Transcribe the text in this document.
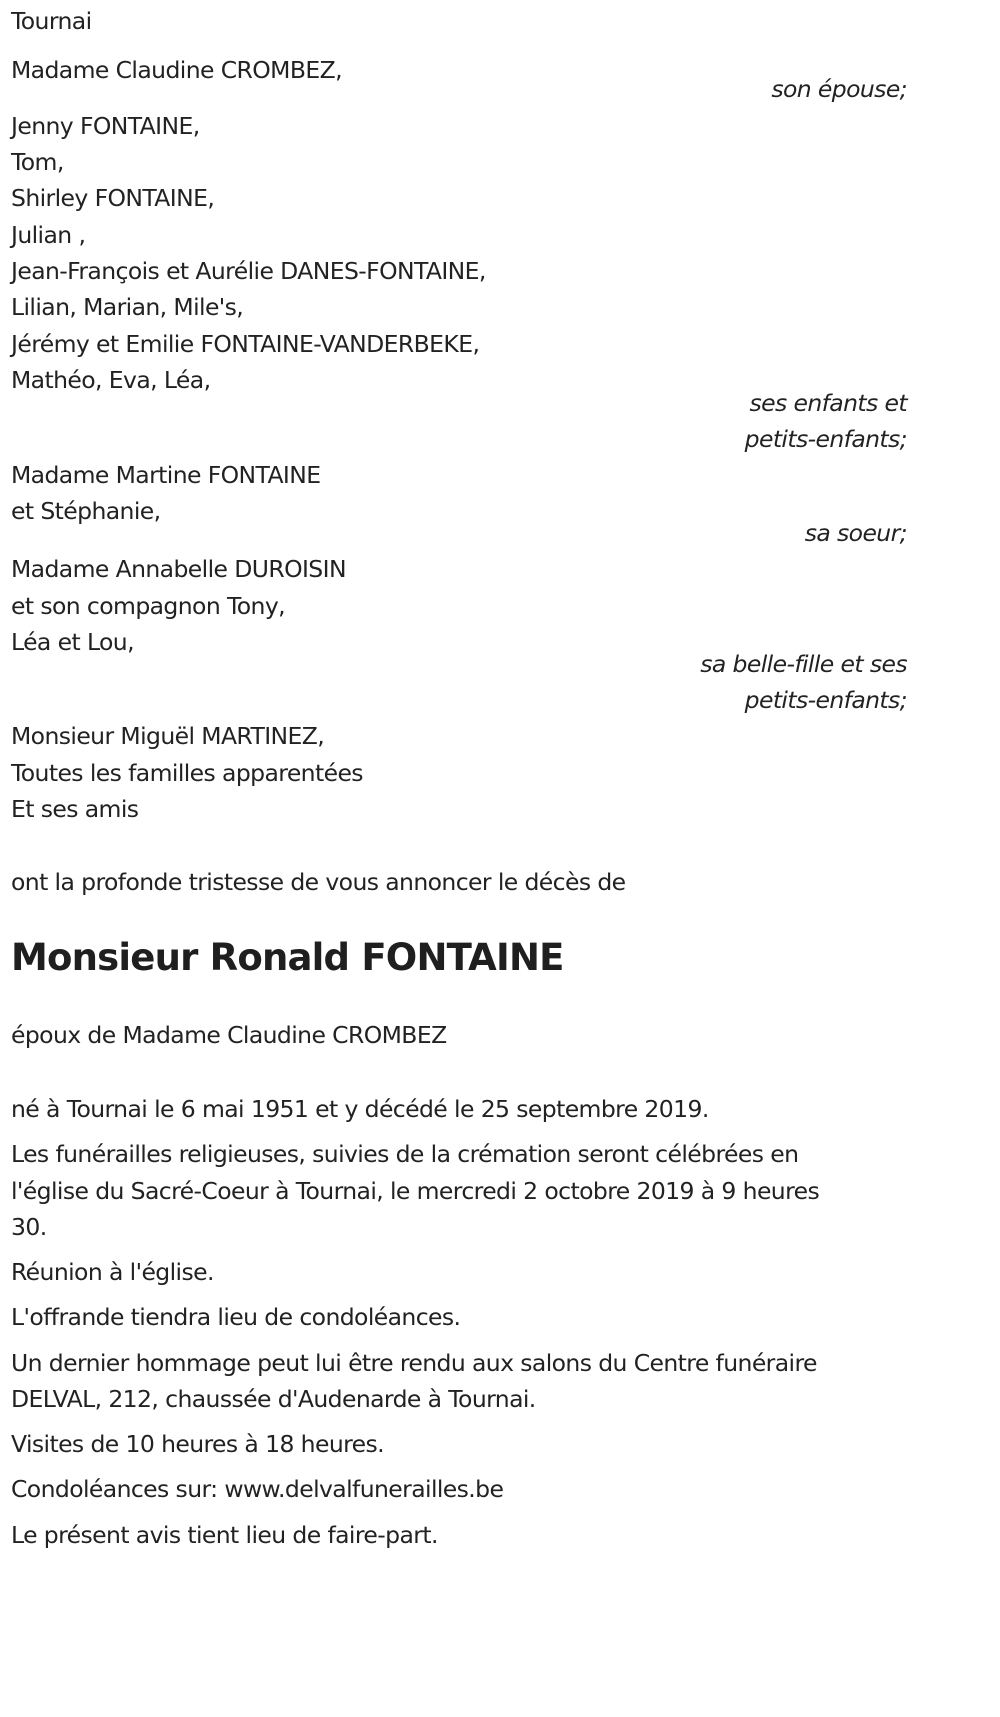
Tournai
Madame Claudine CROMBEZ,
son épouse;
Jenny FONTAINE,
Tom,
Shirley FONTAINE,
Julian ,
Jean-François et Aurélie DANES-FONTAINE,
Lilian, Marian, Mile's,
Jérémy et Emilie FONTAINE-VANDERBEKE,
Mathéo, Eva, Léa,
ses enfants et
petits-enfants;
Madame Martine FONTAINE
et Stéphanie,
sa soeur;
Madame Annabelle DUROISIN
et son compagnon Tony,
Léa et Lou,
sa belle-fille et ses
petits-enfants;
Monsieur Miguël MARTINEZ,
Toutes les familles apparentées
Et ses amis
ont la profonde tristesse de vous annoncer le décès de
Monsieur Ronald FONTAINE
époux de Madame Claudine CROMBEZ
né à Tournai le 6 mai 1951 et y décédé le 25 septembre 2019.
Les funérailles religieuses, suivies de la crémation seront célébrées en
l'église du Sacré-Coeur à Tournai, le mercredi 2 octobre 2019 à 9 heures
30.
Réunion à l'église.
L'offrande tiendra lieu de condoléances.
Un dernier hommage peut lui être rendu aux salons du Centre funéraire
DELVAL, 212, chaussée d'Audenarde à Tournai.
Visites de 10 heures à 18 heures.
Condoléances sur: www.delvalfunerailles.be
Le présent avis tient lieu de faire-part.
